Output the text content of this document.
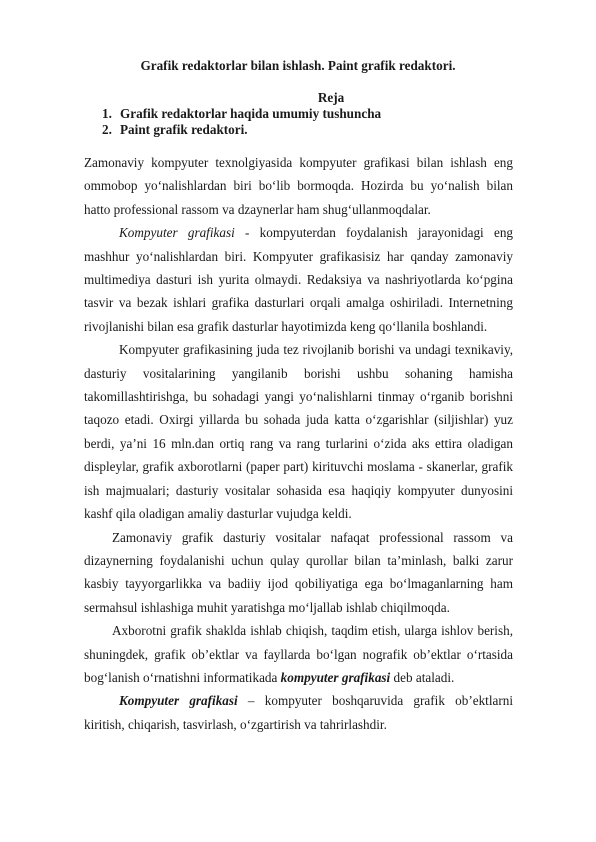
Grafik redaktorlar bilan ishlash. Paint grafik redaktori.
Reja
1. Grafik redaktorlar haqida umumiy tushuncha
2. Paint grafik redaktori.

Zamonaviy kompyuter texnolgiyasida kompyuter grafikasi bilan ishlash eng ommobop yo‘nalishlardan biri bo‘lib bormoqda. Hozirda bu yo‘nalish bilan hatto professional rassom va dzaynerlar ham shug‘ullanmoqdalar.

Kompyuter grafikasi - kompyuterdan foydalanish jarayonidagi eng mashhur yo‘nalishlardan biri. Kompyuter grafikasisiz har qanday zamonaviy multimediya dasturi ish yurita olmaydi. Redaksiya va nashriyotlarda ko‘pgina tasvir va bezak ishlari grafika dasturlari orqali amalga oshiriladi. Internetning rivojlanishi bilan esa grafik dasturlar hayotimizda keng qo‘llanila boshlandi.

Kompyuter grafikasining juda tez rivojlanib borishi va undagi texnikaviy, dasturiy vositalarining yangilanib borishi ushbu sohaning hamisha

takomillashtirishga, bu sohadagi yangi yo‘nalishlarni tinmay o‘rganib borishni taqozo etadi. Oxirgi yillarda bu sohada juda katta o‘zgarishlar (siljishlar) yuz berdi, ya’ni 16 mln.dan ortiq rang va rang turlarini o‘zida aks ettira oladigan displeylar, grafik axborotlarni (paper part) kirituvchi moslama - skanerlar, grafik ish majmualari; dasturiy vositalar sohasida esa haqiqiy kompyuter dunyosini kashf qila oladigan amaliy dasturlar vujudga keldi.

Zamonaviy grafik dasturiy vositalar nafaqat professional rassom va dizaynerning foydalanishi uchun qulay qurollar bilan ta’minlash, balki zarur kasbiy tayyorgarlikka va badiiy ijod qobiliyatiga ega bo‘lmaganlarning ham sermahsul ishlashiga muhit yaratishga mo‘ljallab ishlab chiqilmoqda.

Axborotni grafik shaklda ishlab chiqish, taqdim etish, ularga ishlov berish, shuningdek, grafik ob’ektlar va fayllarda bo‘lgan nografik ob’ektlar o‘rtasida bog‘lanish o‘rnatishni informatikada kompyuter grafikasi deb ataladi.

Kompyuter grafikasi – kompyuter boshqaruvida grafik ob’ektlarni kiritish, chiqarish, tasvirlash, o‘zgartirish va tahrirlashdir.
